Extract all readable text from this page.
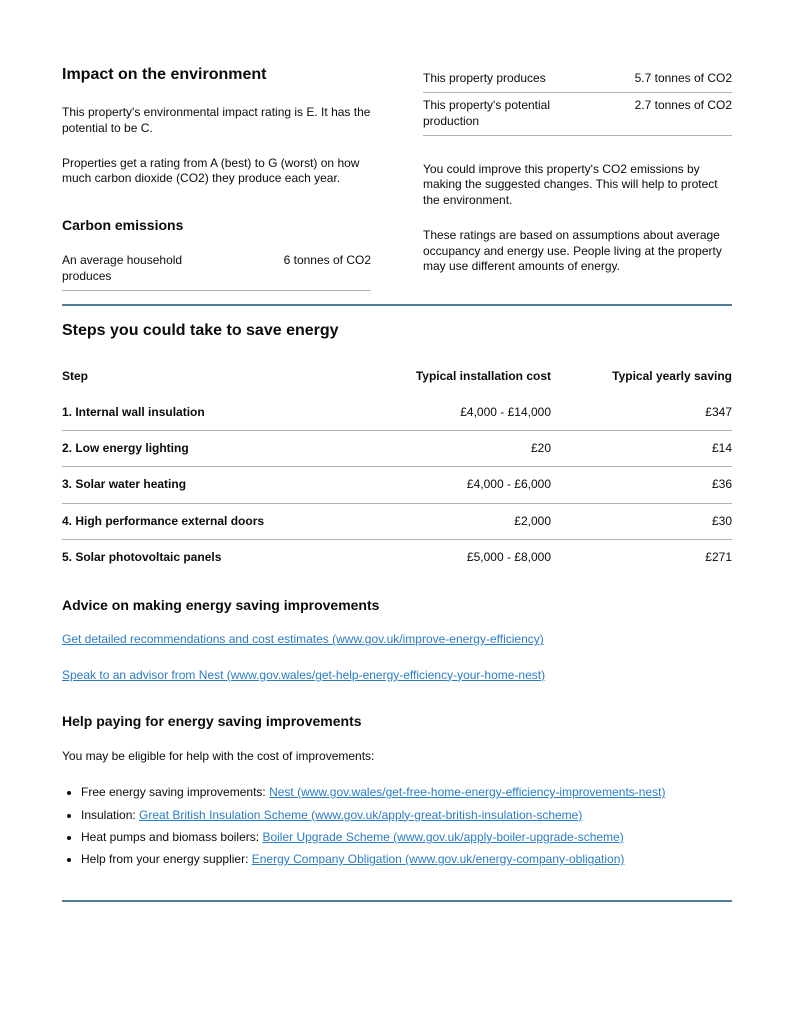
Impact on the environment

This property's environmental impact rating is E. It has the potential to be C.

Properties get a rating from A (best) to G (worst) on how much carbon dioxide (CO2) they produce each year.

Carbon emissions
An average household produces	6 tonnes of CO2
This property produces	5.7 tonnes of CO2
This property's potential production	2.7 tonnes of CO2

You could improve this property's CO2 emissions by making the suggested changes. This will help to protect the environment.

These ratings are based on assumptions about average occupancy and energy use. People living at the property may use different amounts of energy.

Steps you could take to save energy
Step	Typical installation cost	Typical yearly saving
1. Internal wall insulation	£4,000 - £14,000	£347
2. Low energy lighting	£20	£14
3. Solar water heating	£4,000 - £6,000	£36
4. High performance external doors	£2,000	£30
5. Solar photovoltaic panels	£5,000 - £8,000	£271
Advice on making energy saving improvements
Get detailed recommendations and cost estimates (www.gov.uk/improve-energy-efficiency)
Speak to an advisor from Nest (www.gov.wales/get-help-energy-efficiency-your-home-nest)
Help paying for energy saving improvements

You may be eligible for help with the cost of improvements:

• Free energy saving improvements: Nest (www.gov.wales/get-free-home-energy-efficiency-improvements-nest)
• Insulation: Great British Insulation Scheme (www.gov.uk/apply-great-british-insulation-scheme)
• Heat pumps and biomass boilers: Boiler Upgrade Scheme (www.gov.uk/apply-boiler-upgrade-scheme)
• Help from your energy supplier: Energy Company Obligation (www.gov.uk/energy-company-obligation)
